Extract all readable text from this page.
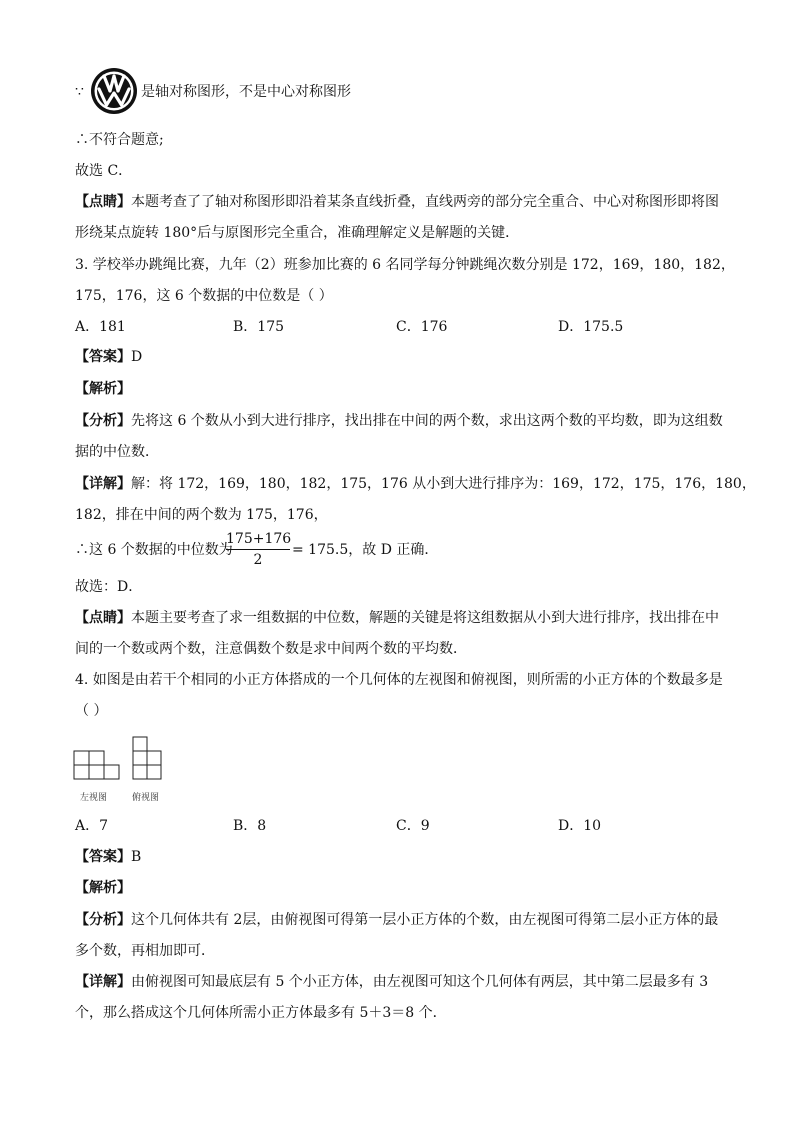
∵	是轴对称图形，不是中心对称图形
∴不符合题意;
故选 C．
【点睛】本题考查了了轴对称图形即沿着某条直线折叠，直线两旁的部分完全重合、中心对称图形即将图
形绕某点旋转 180°后与原图形完全重合，准确理解定义是解题的关键．
3. 学校举办跳绳比赛，九年（2）班参加比赛的 6 名同学每分钟跳绳次数分别是 172，169，180，182，
175，176，这 6 个数据的中位数是（ ）
A．181	B．175	C．176	D．175.5
【答案】D
【解析】
【分析】先将这 6 个数从小到大进行排序，找出排在中间的两个数，求出这两个数的平均数，即为这组数
据的中位数．
【详解】解：将 172，169，180，182，175，176 从小到大进行排序为：169，172，175，176，180，
182，排在中间的两个数为 175，176，
∴这 6 个数据的中位数为
$\frac{175+176}{2} = 175.5$，故 D 正确．
故选：D．
【点睛】本题主要考查了求一组数据的中位数，解题的关键是将这组数据从小到大进行排序，找出排在中
间的一个数或两个数，注意偶数个数是求中间两个数的平均数．
4. 如图是由若干个相同的小正方体搭成的一个几何体的左视图和俯视图，则所需的小正方体的个数最多是
（ ）
左视图	俯视图
A．7	B．8	C．9	D．10
【答案】B
【解析】
【分析】这个几何体共有 2层，由俯视图可得第一层小正方体的个数，由左视图可得第二层小正方体的最
多个数，再相加即可．
【详解】由俯视图可知最底层有 5 个小正方体，由左视图可知这个几何体有两层，其中第二层最多有 3
个，那么搭成这个几何体所需小正方体最多有 5＋3＝8 个．
